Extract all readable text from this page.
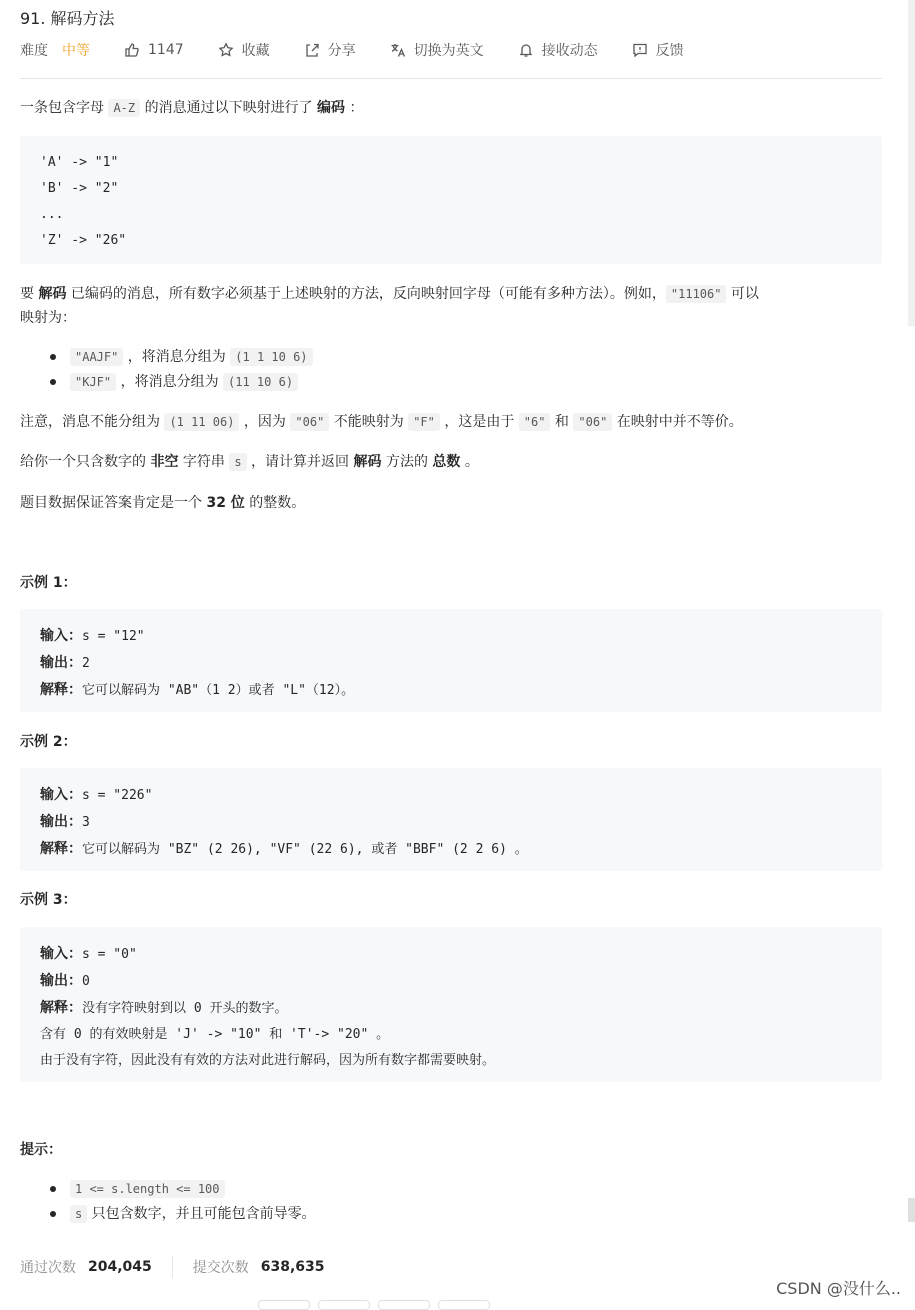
91. 解码方法
难度 中等	1147	收藏	分享	切换为英文	接收动态	反馈
一条包含字母 A-Z 的消息通过以下映射进行了 编码 ：
'A' -> "1"
'B' -> "2"
...
'Z' -> "26"
要 解码 已编码的消息，所有数字必须基于上述映射的方法，反向映射回字母（可能有多种方法）。例如， "11106" 可以
映射为：
"AAJF" ，将消息分组为 (1 1 10 6)
"KJF" ，将消息分组为 (11 10 6)
注意，消息不能分组为 (1 11 06) ，因为 "06" 不能映射为 "F" ，这是由于 "6" 和 "06" 在映射中并不等价。
给你一个只含数字的 非空 字符串 s ，请计算并返回 解码 方法的 总数 。
题目数据保证答案肯定是一个 32 位 的整数。
示例 1：
输入：s = "12"
输出：2
解释：它可以解码为 "AB"（1 2）或者 "L"（12）。
示例 2：
输入：s = "226"
输出：3
解释：它可以解码为 "BZ" (2 26), "VF" (22 6), 或者 "BBF" (2 2 6) 。
示例 3：
输入：s = "0"
输出：0
解释：没有字符映射到以 0 开头的数字。
含有 0 的有效映射是 'J' -> "10" 和 'T'-> "20" 。
由于没有字符，因此没有有效的方法对此进行解码，因为所有数字都需要映射。
提示：
1 <= s.length <= 100
s 只包含数字，并且可能包含前导零。
通过次数 204,045	提交次数 638,635
CSDN @没什么..
